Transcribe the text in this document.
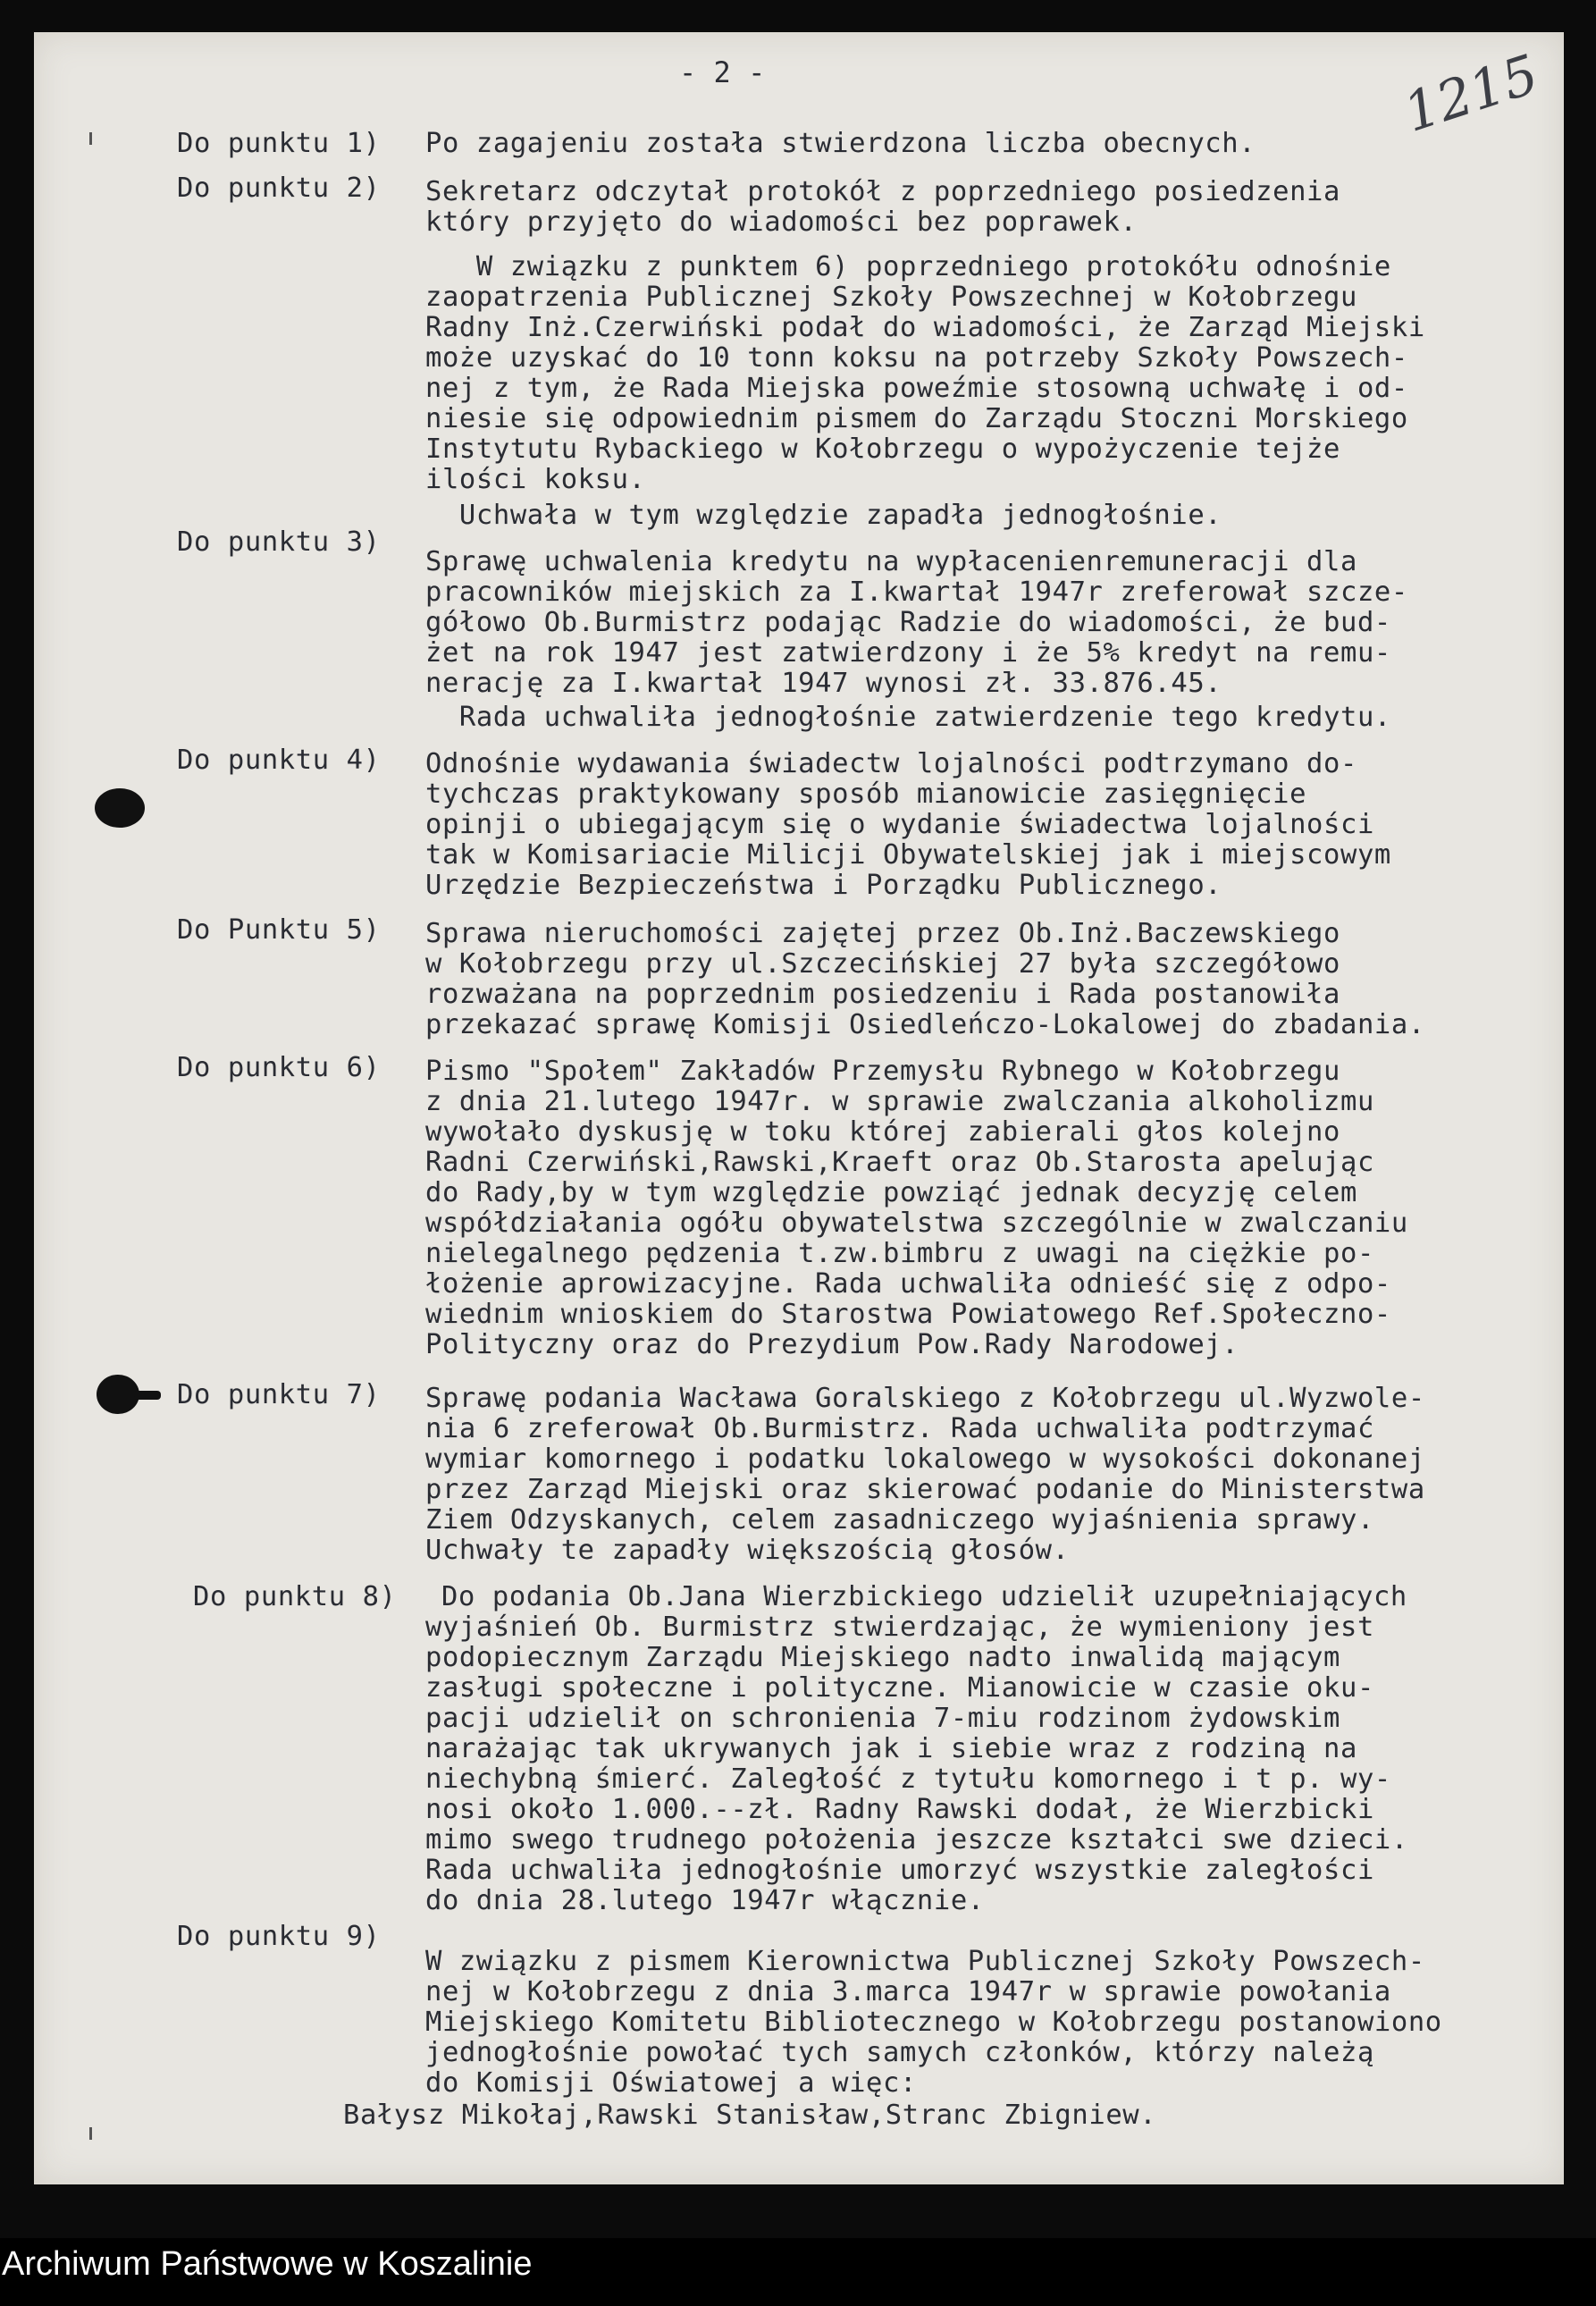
- 2 -	1215
Do punktu 1) Po zagajeniu została stwierdzona liczba obecnych.
Do punktu 2) Sekretarz odczytał protokół z poprzedniego posiedzenia
który przyjęto do wiadomości bez poprawek.
W związku z punktem 6) poprzedniego protokółu odnośnie
zaopatrzenia Publicznej Szkoły Powszechnej w Kołobrzegu
Radny Inż.Czerwiński podał do wiadomości, że Zarząd Miejski
może uzyskać do 10 tonn koksu na potrzeby Szkoły Powszech-
nej z tym, że Rada Miejska poweźmie stosowną uchwałę i od-
niesie się odpowiednim pismem do Zarządu Stoczni Morskiego
Instytutu Rybackiego w Kołobrzegu o wypożyczenie tejże
ilości koksu.
Uchwała w tym względzie zapadła jednogłośnie.
Do punktu 3)
Sprawę uchwalenia kredytu na wypłacenienremuneracji dla
pracowników miejskich za I.kwartał 1947r zreferował szcze-
gółowo Ob.Burmistrz podając Radzie do wiadomości, że bud-
żet na rok 1947 jest zatwierdzony i że 5% kredyt na remu-
nerację za I.kwartał 1947 wynosi zł. 33.876.45.
Rada uchwaliła jednogłośnie zatwierdzenie tego kredytu.
Do punktu 4) Odnośnie wydawania świadectw lojalności podtrzymano do-
tychczas praktykowany sposób mianowicie zasięgnięcie
opinji o ubiegającym się o wydanie świadectwa lojalności
tak w Komisariacie Milicji Obywatelskiej jak i miejscowym
Urzędzie Bezpieczeństwa i Porządku Publicznego.
Do Punktu 5) Sprawa nieruchomości zajętej przez Ob.Inż.Baczewskiego
w Kołobrzegu przy ul.Szczecińskiej 27 była szczegółowo
rozważana na poprzednim posiedzeniu i Rada postanowiła
przekazać sprawę Komisji Osiedleńczo-Lokalowej do zbadania.
Do punktu 6) Pismo "Społem" Zakładów Przemysłu Rybnego w Kołobrzegu
z dnia 21.lutego 1947r. w sprawie zwalczania alkoholizmu
wywołało dyskusję w toku której zabierali głos kolejno
Radni Czerwiński,Rawski,Kraeft oraz Ob.Starosta apelując
do Rady,by w tym względzie powziąć jednak decyzję celem
współdziałania ogółu obywatelstwa szczególnie w zwalczaniu
nielegalnego pędzenia t.zw.bimbru z uwagi na ciężkie po-
łożenie aprowizacyjne. Rada uchwaliła odnieść się z odpo-
wiednim wnioskiem do Starostwa Powiatowego Ref.Społeczno-
Polityczny oraz do Prezydium Pow.Rady Narodowej.
Do punktu 7) Sprawę podania Wacława Goralskiego z Kołobrzegu ul.Wyzwole-
nia 6 zreferował Ob.Burmistrz. Rada uchwaliła podtrzymać
wymiar komornego i podatku lokalowego w wysokości dokonanej
przez Zarząd Miejski oraz skierować podanie do Ministerstwa
Ziem Odzyskanych, celem zasadniczego wyjaśnienia sprawy.
Uchwały te zapadły większością głosów.
Do punktu 8) Do podania Ob.Jana Wierzbickiego udzielił uzupełniających
wyjaśnień Ob. Burmistrz stwierdzając, że wymieniony jest
podopiecznym Zarządu Miejskiego nadto inwalidą mającym
zasługi społeczne i polityczne. Mianowicie w czasie oku-
pacji udzielił on schronienia 7-miu rodzinom żydowskim
narażając tak ukrywanych jak i siebie wraz z rodziną na
niechybną śmierć. Zaległość z tytułu komornego i t p. wy-
nosi około 1.000.--zł. Radny Rawski dodał, że Wierzbicki
mimo swego trudnego położenia jeszcze kształci swe dzieci.
Rada uchwaliła jednogłośnie umorzyć wszystkie zaległości
do dnia 28.lutego 1947r włącznie.
Do punktu 9)
W związku z pismem Kierownictwa Publicznej Szkoły Powszech-
nej w Kołobrzegu z dnia 3.marca 1947r w sprawie powołania
Miejskiego Komitetu Bibliotecznego w Kołobrzegu postanowiono
jednogłośnie powołać tych samych członków, którzy należą
do Komisji Oświatowej a więc:
Bałysz Mikołaj,Rawski Stanisław,Stranc Zbigniew.
Archiwum Państwowe w Koszalinie
